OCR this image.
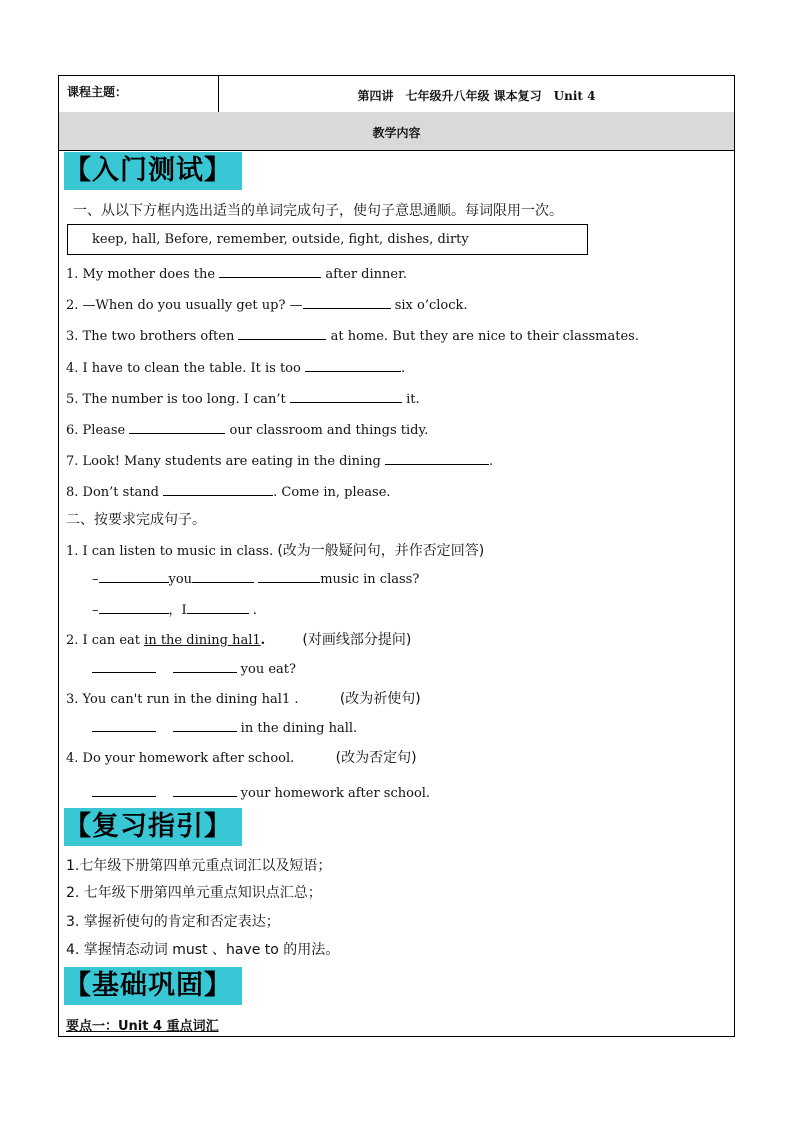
课程主题：	第四讲　七年级升八年级 课本复习　Unit 4
教学内容
【入门测试】
一、从以下方框内选出适当的单词完成句子，使句子意思通顺。每词限用一次。
keep, hall, Before, remember, outside, fight, dishes, dirty
1. My mother does the	after dinner.
2. —When do you usually get up? —	six o’clock.
3. The two brothers often	at home. But they are nice to their classmates.
4. I have to clean the table. It is too	.
5. The number is too long. I can’t	it.
6. Please	our classroom and things tidy.
7. Look! Many students are eating in the dining	.
8. Don’t stand	. Come in, please.
二、按要求完成句子。
1. I can listen to music in class. (改为一般疑问句，并作否定回答)
–	you	music in class?
–	，I	.
2. I can eat in the dining hal1.	(对画线部分提问)
you eat?
3. You can't run in the dining hal1 .	(改为祈使句)
in the dining hall.
4. Do your homework after school.	(改为否定句)
your homework after school.
【复习指引】
1.七年级下册第四单元重点词汇以及短语；
2. 七年级下册第四单元重点知识点汇总；
3. 掌握祈使句的肯定和否定表达；
4. 掌握情态动词 must 、have to 的用法。
【基础巩固】
要点一：Unit 4 重点词汇
